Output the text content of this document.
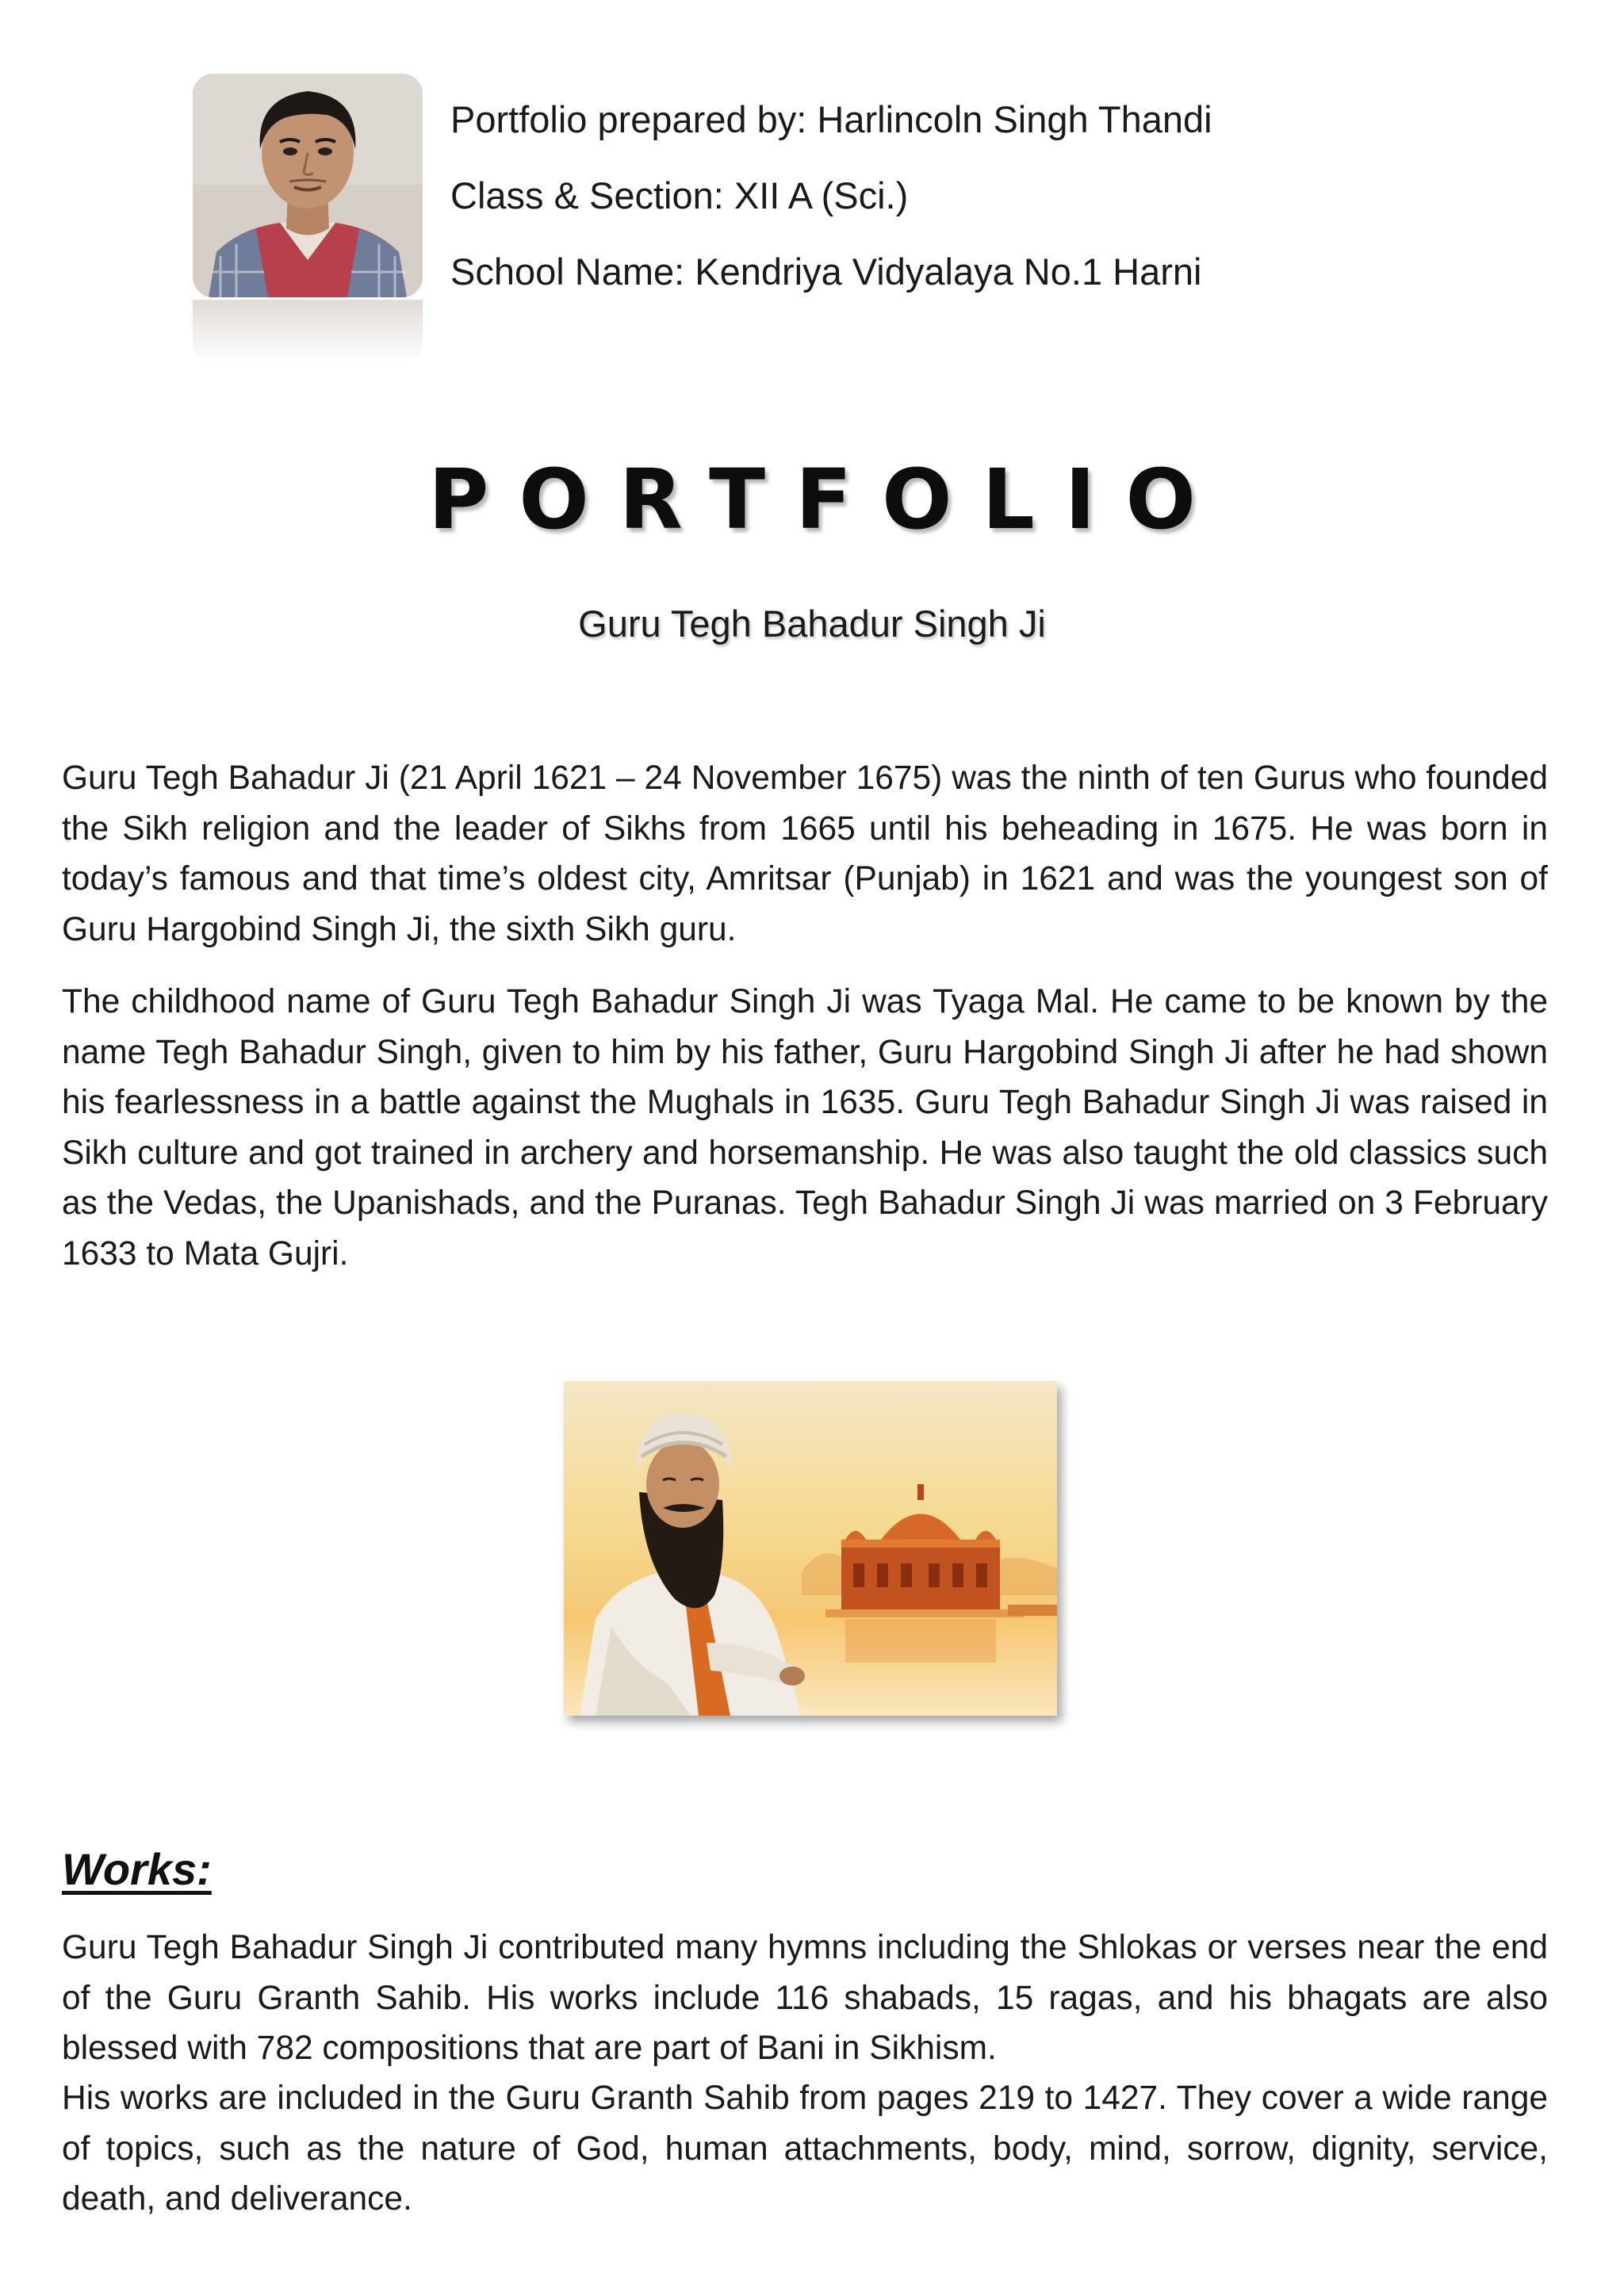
Portfolio prepared by: Harlincoln Singh Thandi
Class & Section: XII A (Sci.)
School Name: Kendriya Vidyalaya No.1 Harni
PORTFOLIO
Guru Tegh Bahadur Singh Ji

Guru Tegh Bahadur Ji (21 April 1621 – 24 November 1675) was the ninth of ten Gurus who founded the Sikh religion and the leader of Sikhs from 1665 until his beheading in 1675. He was born in today’s famous and that time’s oldest city, Amritsar (Punjab) in 1621 and was the youngest son of Guru Hargobind Singh Ji, the sixth Sikh guru.

The childhood name of Guru Tegh Bahadur Singh Ji was Tyaga Mal. He came to be known by the name Tegh Bahadur Singh, given to him by his father, Guru Hargobind Singh Ji after he had shown his fearlessness in a battle against the Mughals in 1635. Guru Tegh Bahadur Singh Ji was raised in Sikh culture and got trained in archery and horsemanship. He was also taught the old classics such as the Vedas, the Upanishads, and the Puranas. Tegh Bahadur Singh Ji was married on 3 February 1633 to Mata Gujri.

Works:

Guru Tegh Bahadur Singh Ji contributed many hymns including the Shlokas or verses near the end of the Guru Granth Sahib. His works include 116 shabads, 15 ragas, and his bhagats are also blessed with 782 compositions that are part of Bani in Sikhism.

His works are included in the Guru Granth Sahib from pages 219 to 1427. They cover a wide range of topics, such as the nature of God, human attachments, body, mind, sorrow, dignity, service, death, and deliverance.
